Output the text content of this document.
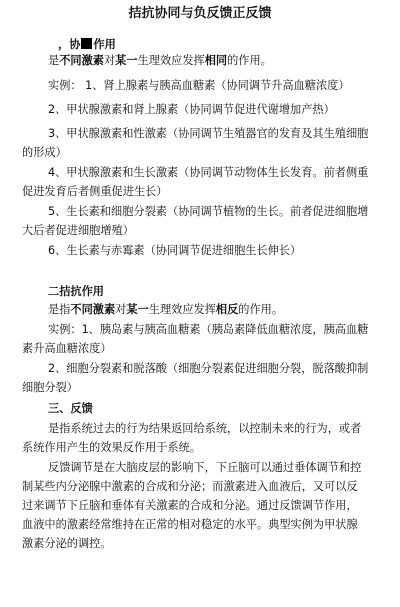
拮抗协同与负反馈正反馈
，协 作用
是不同激素对某一生理效应发挥相同的作用。
实例： 1、肾上腺素与胰高血糖素（协同调节升高血糖浓度）
2、甲状腺激素和肾上腺素（协同调节促进代谢增加产热）
3、甲状腺激素和性激素（协同调节生殖器官的发育及其生殖细胞
的形成）
4、甲状腺激素和生长激素（协同调节动物体生长发育。前者侧重
促进发育后者侧重促进生长）
5、生长素和细胞分裂素（协同调节植物的生长。前者促进细胞增
大后者促进细胞增殖）
6、生长素与赤霉素（协同调节促进细胞生长伸长）
二拮抗作用
是指不同激素对某一生理效应发挥相反的作用。
实例：1、胰岛素与胰高血糖素（胰岛素降低血糖浓度，胰高血糖
素升高血糖浓度）
2、细胞分裂素和脱落酸（细胞分裂素促进细胞分裂，脱落酸抑制
细胞分裂）
三、反馈
是指系统过去的行为结果返回给系统，以控制未来的行为，或者
系统作用产生的效果反作用于系统。
反馈调节是在大脑皮层的影响下，下丘脑可以通过垂体调节和控
制某些内分泌腺中激素的合成和分泌；而激素进入血液后，又可以反
过来调节下丘脑和垂体有关激素的合成和分泌。通过反馈调节作用，
血液中的激素经常维持在正常的相对稳定的水平。典型实例为甲状腺
激素分泌的调控。
